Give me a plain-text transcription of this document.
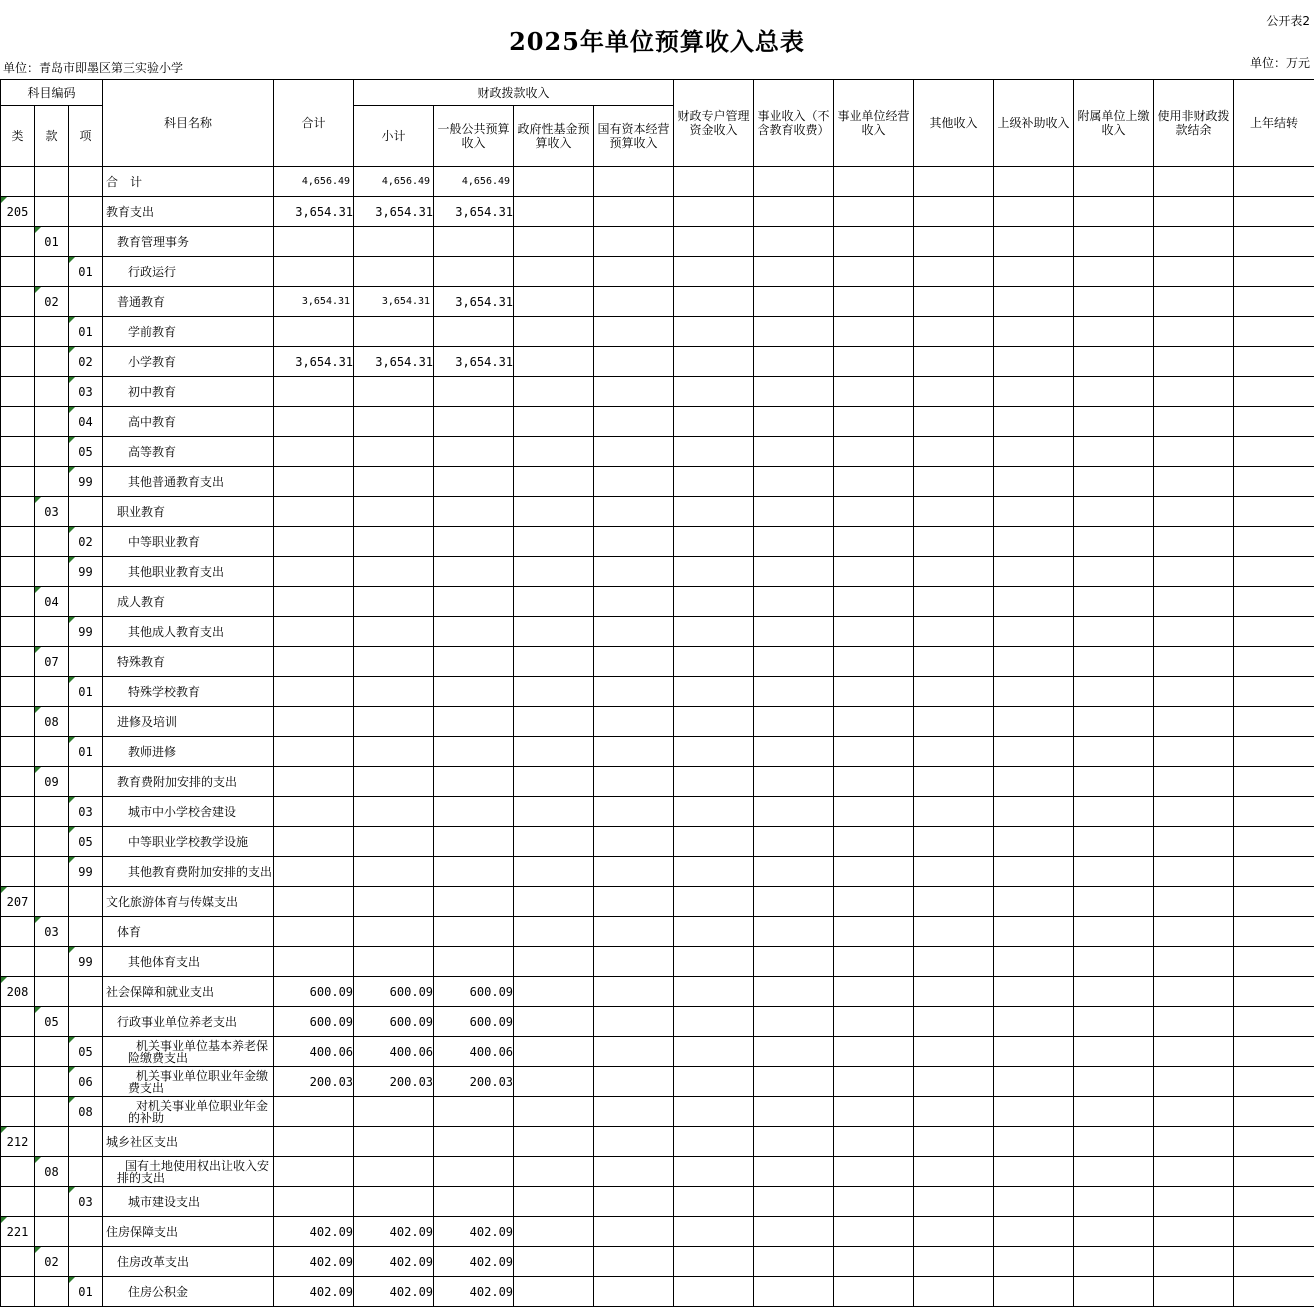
2025年单位预算收入总表
公开表2
单位：青岛市即墨区第三实验小学	单位：万元
科目编码			科目名称	合计	财政拨款收入				财政专户管理资金收入	事业收入（不含教育收费）	事业单位经营收入	其他收入	上级补助收入	附属单位上缴收入	使用非财政拨款结余	上年结转
类	款	项			小计	一般公共预算收入	政府性基金预算收入	国有资本经营预算收入								
			合　计	4,656.49	4,656.49	4,656.49										
205			教育支出	3,654.31	3,654.31	3,654.31										
	01		教育管理事务													
		01	行政运行													
	02		普通教育	3,654.31	3,654.31	3,654.31										
		01	学前教育													
		02	小学教育	3,654.31	3,654.31	3,654.31										
		03	初中教育													
		04	高中教育													
		05	高等教育													
		99	其他普通教育支出													
	03		职业教育													
		02	中等职业教育													
		99	其他职业教育支出													
	04		成人教育													
		99	其他成人教育支出													
	07		特殊教育													
		01	特殊学校教育													
	08		进修及培训													
		01	教师进修													
	09		教育费附加安排的支出													
		03	城市中小学校舍建设													
		05	中等职业学校教学设施													
		99	其他教育费附加安排的支出													
207			文化旅游体育与传媒支出													
	03		体育													
		99	其他体育支出													
208			社会保障和就业支出	600.09	600.09	600.09										
	05		行政事业单位养老支出	600.09	600.09	600.09										
		05	机关事业单位基本养老保险缴费支出	400.06	400.06	400.06										
		06	机关事业单位职业年金缴费支出	200.03	200.03	200.03										
		08	对机关事业单位职业年金的补助													
212			城乡社区支出													
	08		国有土地使用权出让收入安排的支出													
		03	城市建设支出													
221			住房保障支出	402.09	402.09	402.09										
	02		住房改革支出	402.09	402.09	402.09										
		01	住房公积金	402.09	402.09	402.09										
